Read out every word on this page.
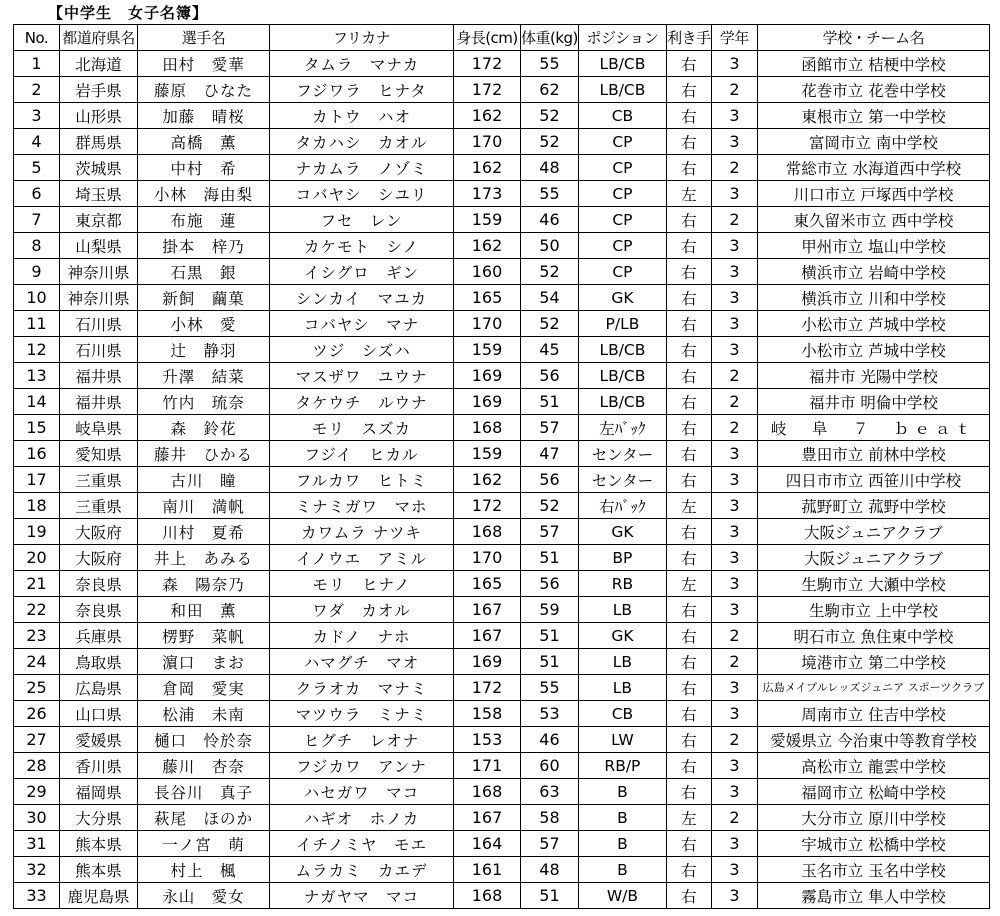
【中学生　女子名簿】
No.	都道府県名	選手名	フリカナ	身長(cm)	体重(kg)	ポジション	利き手	学年	学校・チーム名
1	北海道	田村　愛華	タムラ　マナカ	172	55	LB/CB	右	3	函館市立 桔梗中学校
2	岩手県	藤原　ひなた	フジワラ　ヒナタ	172	62	LB/CB	右	2	花巻市立 花巻中学校
3	山形県	加藤　晴桜	カトウ　ハオ	162	52	CB	右	3	東根市立 第一中学校
4	群馬県	高橋　薫	タカハシ　カオル	170	52	CP	右	3	富岡市立 南中学校
5	茨城県	中村　希	ナカムラ　ノゾミ	162	48	CP	右	2	常総市立 水海道西中学校
6	埼玉県	小林　海由梨	コバヤシ　シユリ	173	55	CP	左	3	川口市立 戸塚西中学校
7	東京都	布施　蓮	フセ　レン	159	46	CP	右	2	東久留米市立 西中学校
8	山梨県	掛本　梓乃	カケモト　シノ	162	50	CP	右	3	甲州市立 塩山中学校
9	神奈川県	石黒　銀	イシグロ　ギン	160	52	CP	右	3	横浜市立 岩崎中学校
10	神奈川県	新飼　繭菓	シンカイ　マユカ	165	54	GK	右	3	横浜市立 川和中学校
11	石川県	小林　愛	コバヤシ　マナ	170	52	P/LB	右	3	小松市立 芦城中学校
12	石川県	辻　静羽	ツジ　シズハ	159	45	LB/CB	右	3	小松市立 芦城中学校
13	福井県	升澤　結菜	マスザワ　ユウナ	169	56	LB/CB	右	2	福井市 光陽中学校
14	福井県	竹内　琉奈	タケウチ　ルウナ	169	51	LB/CB	右	2	福井市 明倫中学校
15	岐阜県	森　鈴花	モリ　スズカ	168	57	左ﾊﾞｯｸ	右	2	岐　阜　７　ｂｅａｔ
16	愛知県	藤井　ひかる	フジイ　ヒカル	159	47	センター	右	3	豊田市立 前林中学校
17	三重県	古川　瞳	フルカワ　ヒトミ	162	56	センター	右	3	四日市市立 西笹川中学校
18	三重県	南川　満帆	ミナミガワ　マホ	172	52	右ﾊﾞｯｸ	左	3	菰野町立 菰野中学校
19	大阪府	川村　夏希	カワムラ ナツキ	168	57	GK	右	3	大阪ジュニアクラブ
20	大阪府	井上　あみる	イノウエ　アミル	170	51	BP	右	3	大阪ジュニアクラブ
21	奈良県	森　陽奈乃	モリ　ヒナノ	165	56	RB	左	3	生駒市立 大瀬中学校
22	奈良県	和田　薫	ワダ　カオル	167	59	LB	右	3	生駒市立 上中学校
23	兵庫県	楞野　菜帆	カドノ　ナホ	167	51	GK	右	2	明石市立 魚住東中学校
24	鳥取県	濵口　まお	ハマグチ　マオ	169	51	LB	右	2	境港市立 第二中学校
25	広島県	倉岡　愛実	クラオカ　マナミ	172	55	LB	右	3	広島メイプルレッズジュニア スポーツクラブ
26	山口県	松浦　未南	マツウラ　ミナミ	158	53	CB	右	3	周南市立 住吉中学校
27	愛媛県	樋口　怜於奈	ヒグチ　レオナ	153	46	LW	右	2	愛媛県立 今治東中等教育学校
28	香川県	藤川　杏奈	フジカワ　アンナ	171	60	RB/P	右	3	高松市立 龍雲中学校
29	福岡県	長谷川　真子	ハセガワ　マコ	168	63	B	右	3	福岡市立 松崎中学校
30	大分県	萩尾　ほのか	ハギオ　ホノカ	167	58	B	左	2	大分市立 原川中学校
31	熊本県	一ノ宮　萌	イチノミヤ　モエ	164	57	B	右	3	宇城市立 松橋中学校
32	熊本県	村上　楓	ムラカミ　カエデ	161	48	B	右	3	玉名市立 玉名中学校
33	鹿児島県	永山　愛女	ナガヤマ　マコ	168	51	W/B	右	3	霧島市立 隼人中学校
